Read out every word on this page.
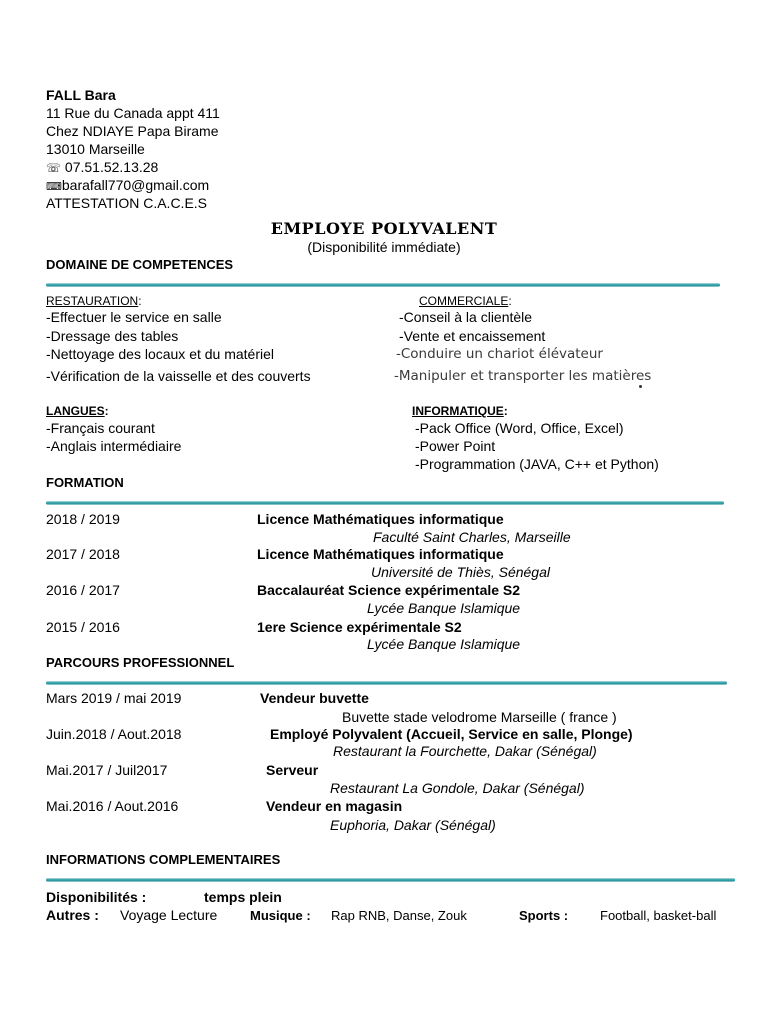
FALL Bara
11 Rue du Canada appt 411
Chez NDIAYE Papa Birame
13010 Marseille
☏ 07.51.52.13.28
⌨barafall770@gmail.com
ATTESTATION C.A.C.E.S
EMPLOYE POLYVALENT
(Disponibilité immédiate)
DOMAINE DE COMPETENCES
RESTAURATION:
-Effectuer le service en salle
-Dressage des tables
-Nettoyage des locaux et du matériel
-Vérification de la vaisselle et des couverts
COMMERCIALE:
-Conseil à la clientèle
-Vente et encaissement
-Conduire un chariot élévateur
-Manipuler et transporter les matières
LANGUES:
-Français courant
-Anglais intermédiaire
INFORMATIQUE:
-Pack Office (Word, Office, Excel)
-Power Point
-Programmation (JAVA, C++ et Python)
FORMATION
2018 / 2019	Licence Mathématiques informatique
Faculté Saint Charles, Marseille
2017 / 2018	Licence Mathématiques informatique
Université de Thiès, Sénégal
2016 / 2017	Baccalauréat Science expérimentale S2
Lycée Banque Islamique
2015 / 2016	1ere Science expérimentale S2
Lycée Banque Islamique
PARCOURS PROFESSIONNEL
Mars 2019 / mai 2019	Vendeur buvette
Buvette stade velodrome Marseille ( france )
Juin.2018 / Aout.2018	Employé Polyvalent (Accueil, Service en salle, Plonge)
Restaurant la Fourchette, Dakar (Sénégal)
Mai.2017 / Juil2017	Serveur
Restaurant La Gondole, Dakar (Sénégal)
Mai.2016 / Aout.2016	Vendeur en magasin
Euphoria, Dakar (Sénégal)
INFORMATIONS COMPLEMENTAIRES
Disponibilités :	temps plein
Autres : Voyage Lecture	Musique : Rap RNB, Danse, Zouk	Sports : Football, basket-ball
